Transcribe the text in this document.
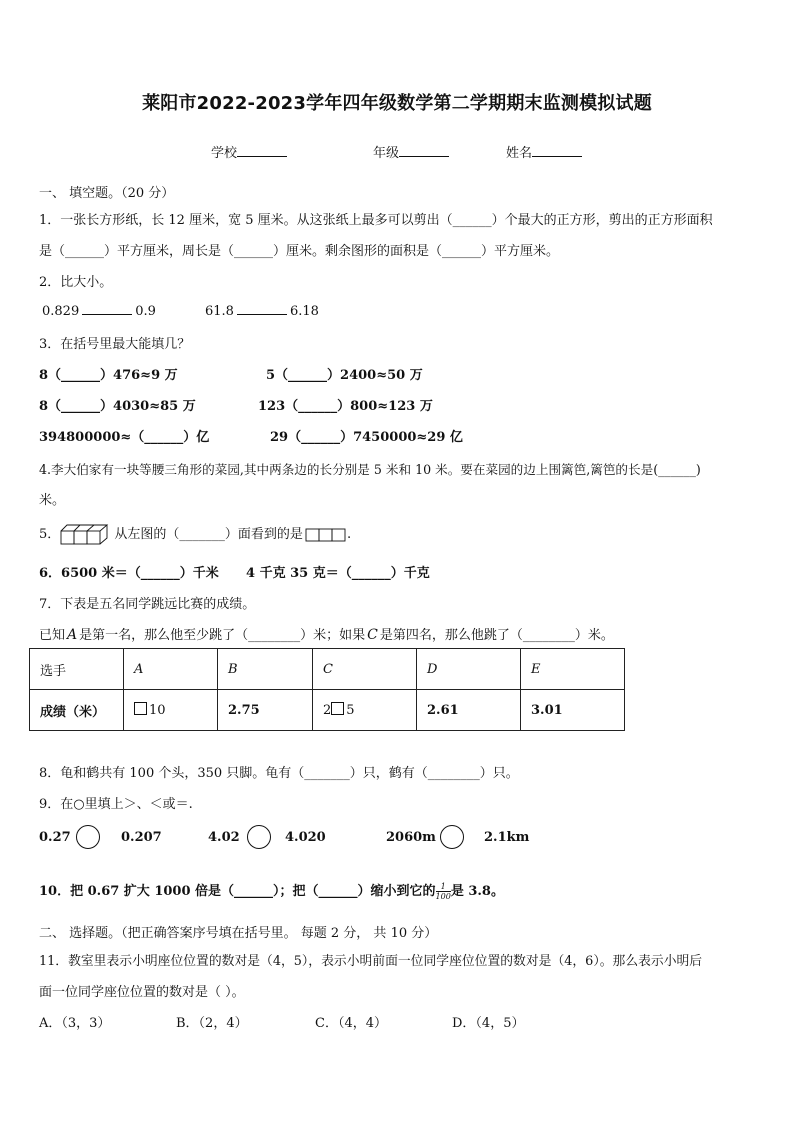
莱阳市2022-2023学年四年级数学第二学期期末监测模拟试题
学校	年级	姓名
一、 填空题。（20 分）
1．一张长方形纸，长 12 厘米，宽 5 厘米。从这张纸上最多可以剪出（______）个最大的正方形，剪出的正方形面积
是（______）平方厘米，周长是（______）厘米。剩余图形的面积是（______）平方厘米。
2．比大小。
0.829	0.9	61.8	6.18
3．在括号里最大能填几？
8（______）476≈9 万	5（______）2400≈50 万
8（______）4030≈85 万	123（______）800≈123 万
394800000≈（______）亿	29（______）7450000≈29 亿
4.李大伯家有一块等腰三角形的菜园,其中两条边的长分别是 5 米和 10 米。要在菜园的边上围篱笆,篱笆的长是(______)
米。
5．	从左图的（_______）面看到的是	.
6．6500 米＝（______）千米 4 千克 35 克＝（______）千克
7．下表是五名同学跳远比赛的成绩。
已知 A 是第一名，那么他至少跳了（________）米；如果 C 是第四名，那么他跳了（________）米。
选手	A	B	C	D	E
成绩（米）	10	2.75	2 5	2.61	3.01
8．龟和鹤共有 100 个头，350 只脚。龟有（_______）只，鹤有（________）只。
9．在○里填上＞、＜或＝.
0.27	0.207	4.02	4.020	2060m	2.1km
10．把 0.67 扩大 1000 倍是（______）；把（______）缩小到它的 $\frac{1}{100}$ 是 3.8。
二、 选择题。（把正确答案序号填在括号里。 每题 2 分， 共 10 分）
11．教室里表示小明座位位置的数对是（4，5），表示小明前面一位同学座位位置的数对是（4，6）。那么表示小明后
面一位同学座位位置的数对是（ ）。
A．（3，3）	B．（2，4）	C．（4，4）	D．（4，5）
